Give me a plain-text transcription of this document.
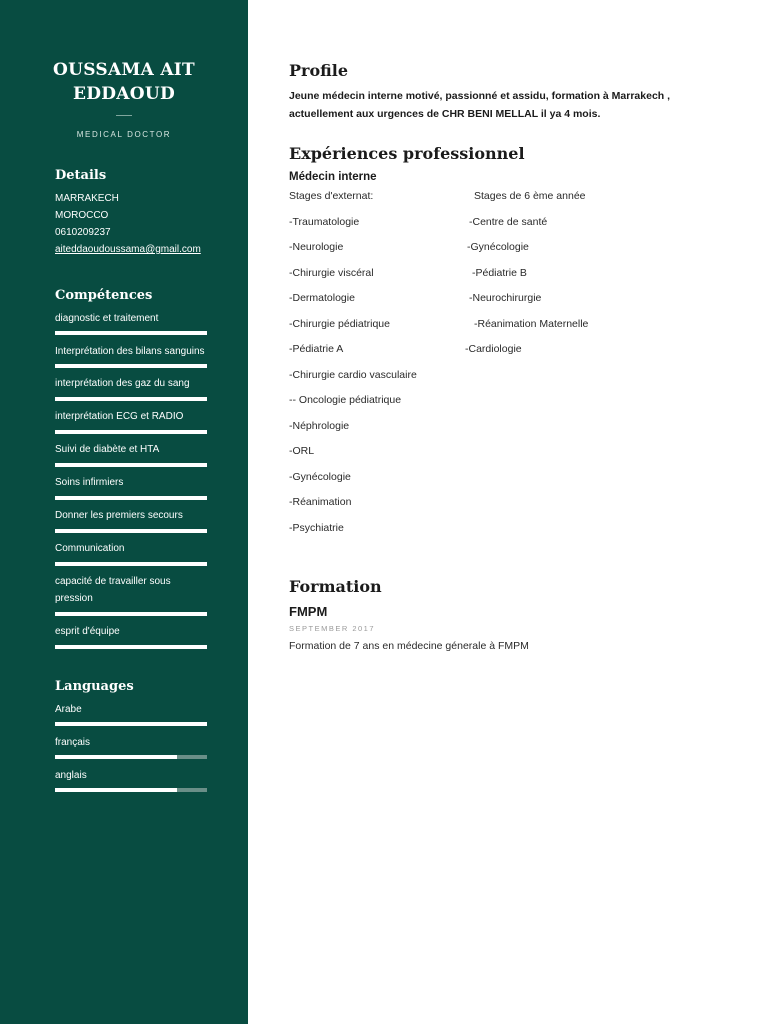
OUSSAMA AIT
EDDAOUD
MEDICAL DOCTOR
Details
MARRAKECH
MOROCCO
0610209237
aiteddaoudoussama@gmail.com
Compétences
diagnostic et traitement
Interprétation des bilans sanguins
interprétation des gaz du sang
interprétation ECG et RADIO
Suivi de diabète et HTA
Soins infirmiers
Donner les premiers secours
Communication
capacité de travailler sous pression
esprit d'équipe
Languages
Arabe
français
anglais
Profile
Jeune médecin interne motivé, passionné et assidu, formation à Marrakech , actuellement aux urgences de CHR BENI MELLAL il ya 4 mois.
Expériences professionnel
Médecin interne
Stages d'externat:
-Traumatologie
-Neurologie
-Chirurgie viscéral
-Dermatologie
-Chirurgie pédiatrique
-Pédiatrie A
-Chirurgie cardio vasculaire
-- Oncologie pédiatrique
-Néphrologie
-ORL
-Gynécologie
-Réanimation
-Psychiatrie
Stages de 6 ème année
-Centre de santé
-Gynécologie
-Pédiatrie B
-Neurochirurgie
-Réanimation Maternelle
-Cardiologie
Formation
FMPM
SEPTEMBER 2017
Formation de 7 ans en médecine génerale à FMPM
